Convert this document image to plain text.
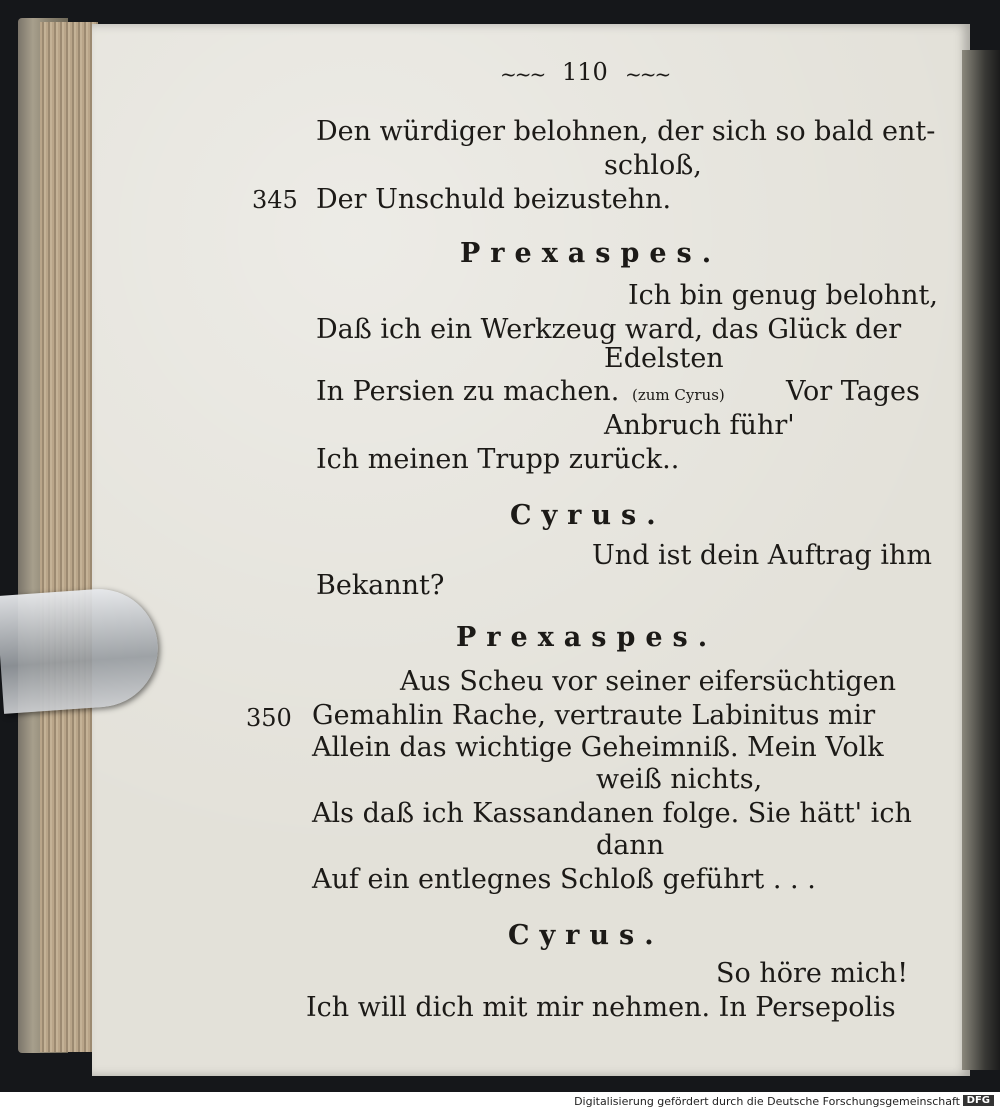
~~~ 110 ~~~
Den würdiger belohnen, der sich so bald ent-
schloß,
345 Der Unschuld beizustehn.
Prexaspes.
Ich bin genug belohnt,
Daß ich ein Werkzeug ward, das Glück der
Edelsten
In Persien zu machen. (zum Cyrus) Vor Tages
Anbruch führ'
Ich meinen Trupp zurück..
Cyrus.
Und ist dein Auftrag ihm
Bekannt?
Prexaspes.
Aus Scheu vor seiner eifersüchtigen
350 Gemahlin Rache, vertraute Labinitus mir
Allein das wichtige Geheimniß. Mein Volk
weiß nichts,
Als daß ich Kassandanen folge. Sie hätt' ich
dann
Auf ein entlegnes Schloß geführt . . .
Cyrus.
So höre mich!
Ich will dich mit mir nehmen. In Persepolis
Digitalisierung gefördert durch die Deutsche Forschungsgemeinschaft DFG
